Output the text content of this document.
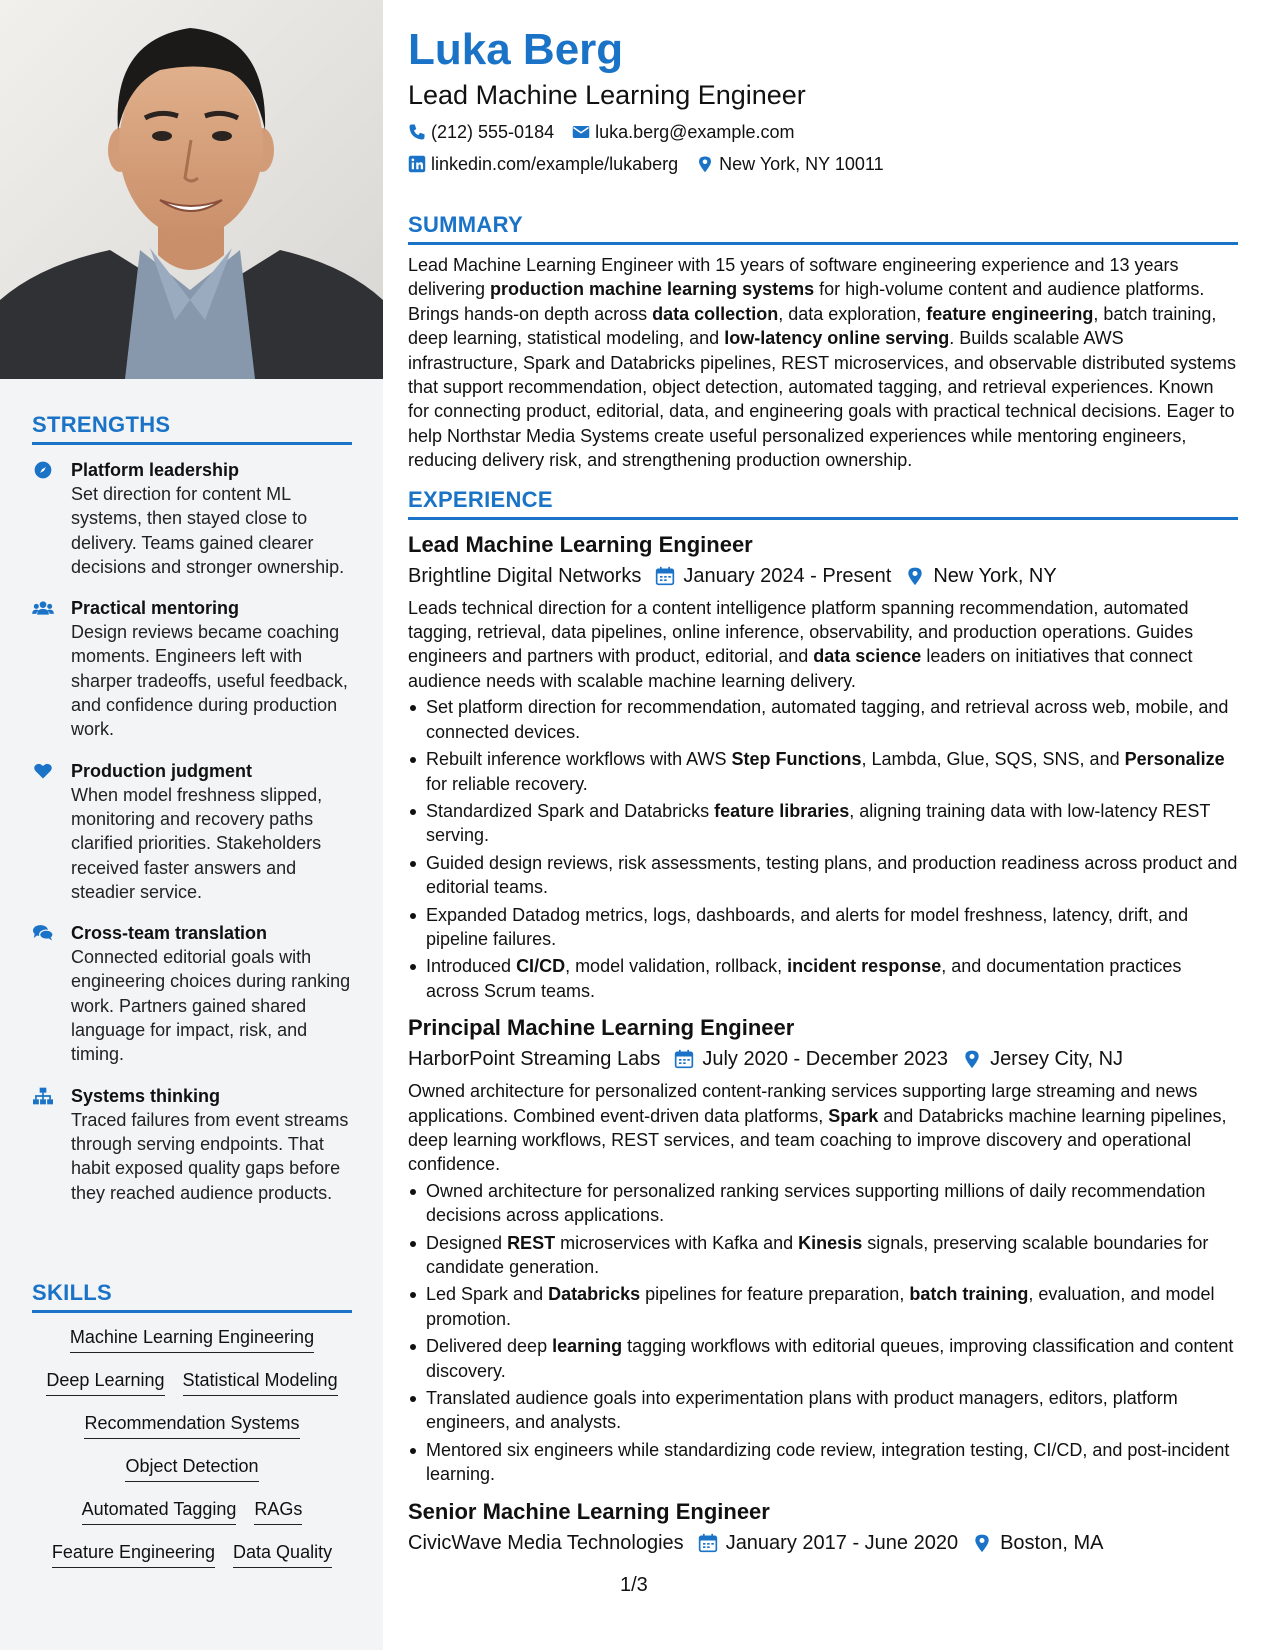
STRENGTHS
Platform leadership
Set direction for content ML systems, then stayed close to delivery. Teams gained clearer decisions and stronger ownership.
Practical mentoring
Design reviews became coaching moments. Engineers left with sharper tradeoffs, useful feedback, and confidence during production work.
Production judgment
When model freshness slipped, monitoring and recovery paths clarified priorities. Stakeholders received faster answers and steadier service.
Cross-team translation
Connected editorial goals with engineering choices during ranking work. Partners gained shared language for impact, risk, and timing.
Systems thinking
Traced failures from event streams through serving endpoints. That habit exposed quality gaps before they reached audience products.
SKILLS
Machine Learning Engineering
Deep Learning Statistical Modeling
Recommendation Systems
Object Detection
Automated Tagging RAGs
Feature Engineering Data Quality
Luka Berg
Lead Machine Learning Engineer
(212) 555-0184 luka.berg@example.com
linkedin.com/example/lukaberg New York, NY 10011
SUMMARY
Lead Machine Learning Engineer with 15 years of software engineering experience and 13 years delivering production machine learning systems for high-volume content and audience platforms. Brings hands-on depth across data collection, data exploration, feature engineering, batch training, deep learning, statistical modeling, and low-latency online serving. Builds scalable AWS infrastructure, Spark and Databricks pipelines, REST microservices, and observable distributed systems that support recommendation, object detection, automated tagging, and retrieval experiences. Known for connecting product, editorial, data, and engineering goals with practical technical decisions. Eager to help Northstar Media Systems create useful personalized experiences while mentoring engineers, reducing delivery risk, and strengthening production ownership.
EXPERIENCE
Lead Machine Learning Engineer
Brightline Digital Networks January 2024 - Present New York, NY
Leads technical direction for a content intelligence platform spanning recommendation, automated tagging, retrieval, data pipelines, online inference, observability, and production operations. Guides engineers and partners with product, editorial, and data science leaders on initiatives that connect audience needs with scalable machine learning delivery.
Set platform direction for recommendation, automated tagging, and retrieval across web, mobile, and connected devices.
Rebuilt inference workflows with AWS Step Functions, Lambda, Glue, SQS, SNS, and Personalize for reliable recovery.
Standardized Spark and Databricks feature libraries, aligning training data with low-latency REST serving.
Guided design reviews, risk assessments, testing plans, and production readiness across product and editorial teams.
Expanded Datadog metrics, logs, dashboards, and alerts for model freshness, latency, drift, and pipeline failures.
Introduced CI/CD, model validation, rollback, incident response, and documentation practices across Scrum teams.
Principal Machine Learning Engineer
HarborPoint Streaming Labs July 2020 - December 2023 Jersey City, NJ
Owned architecture for personalized content-ranking services supporting large streaming and news applications. Combined event-driven data platforms, Spark and Databricks machine learning pipelines, deep learning workflows, REST services, and team coaching to improve discovery and operational confidence.
Owned architecture for personalized ranking services supporting millions of daily recommendation decisions across applications.
Designed REST microservices with Kafka and Kinesis signals, preserving scalable boundaries for candidate generation.
Led Spark and Databricks pipelines for feature preparation, batch training, evaluation, and model promotion.
Delivered deep learning tagging workflows with editorial queues, improving classification and content discovery.
Translated audience goals into experimentation plans with product managers, editors, platform engineers, and analysts.
Mentored six engineers while standardizing code review, integration testing, CI/CD, and post-incident learning.
Senior Machine Learning Engineer
CivicWave Media Technologies January 2017 - June 2020 Boston, MA
1/3
